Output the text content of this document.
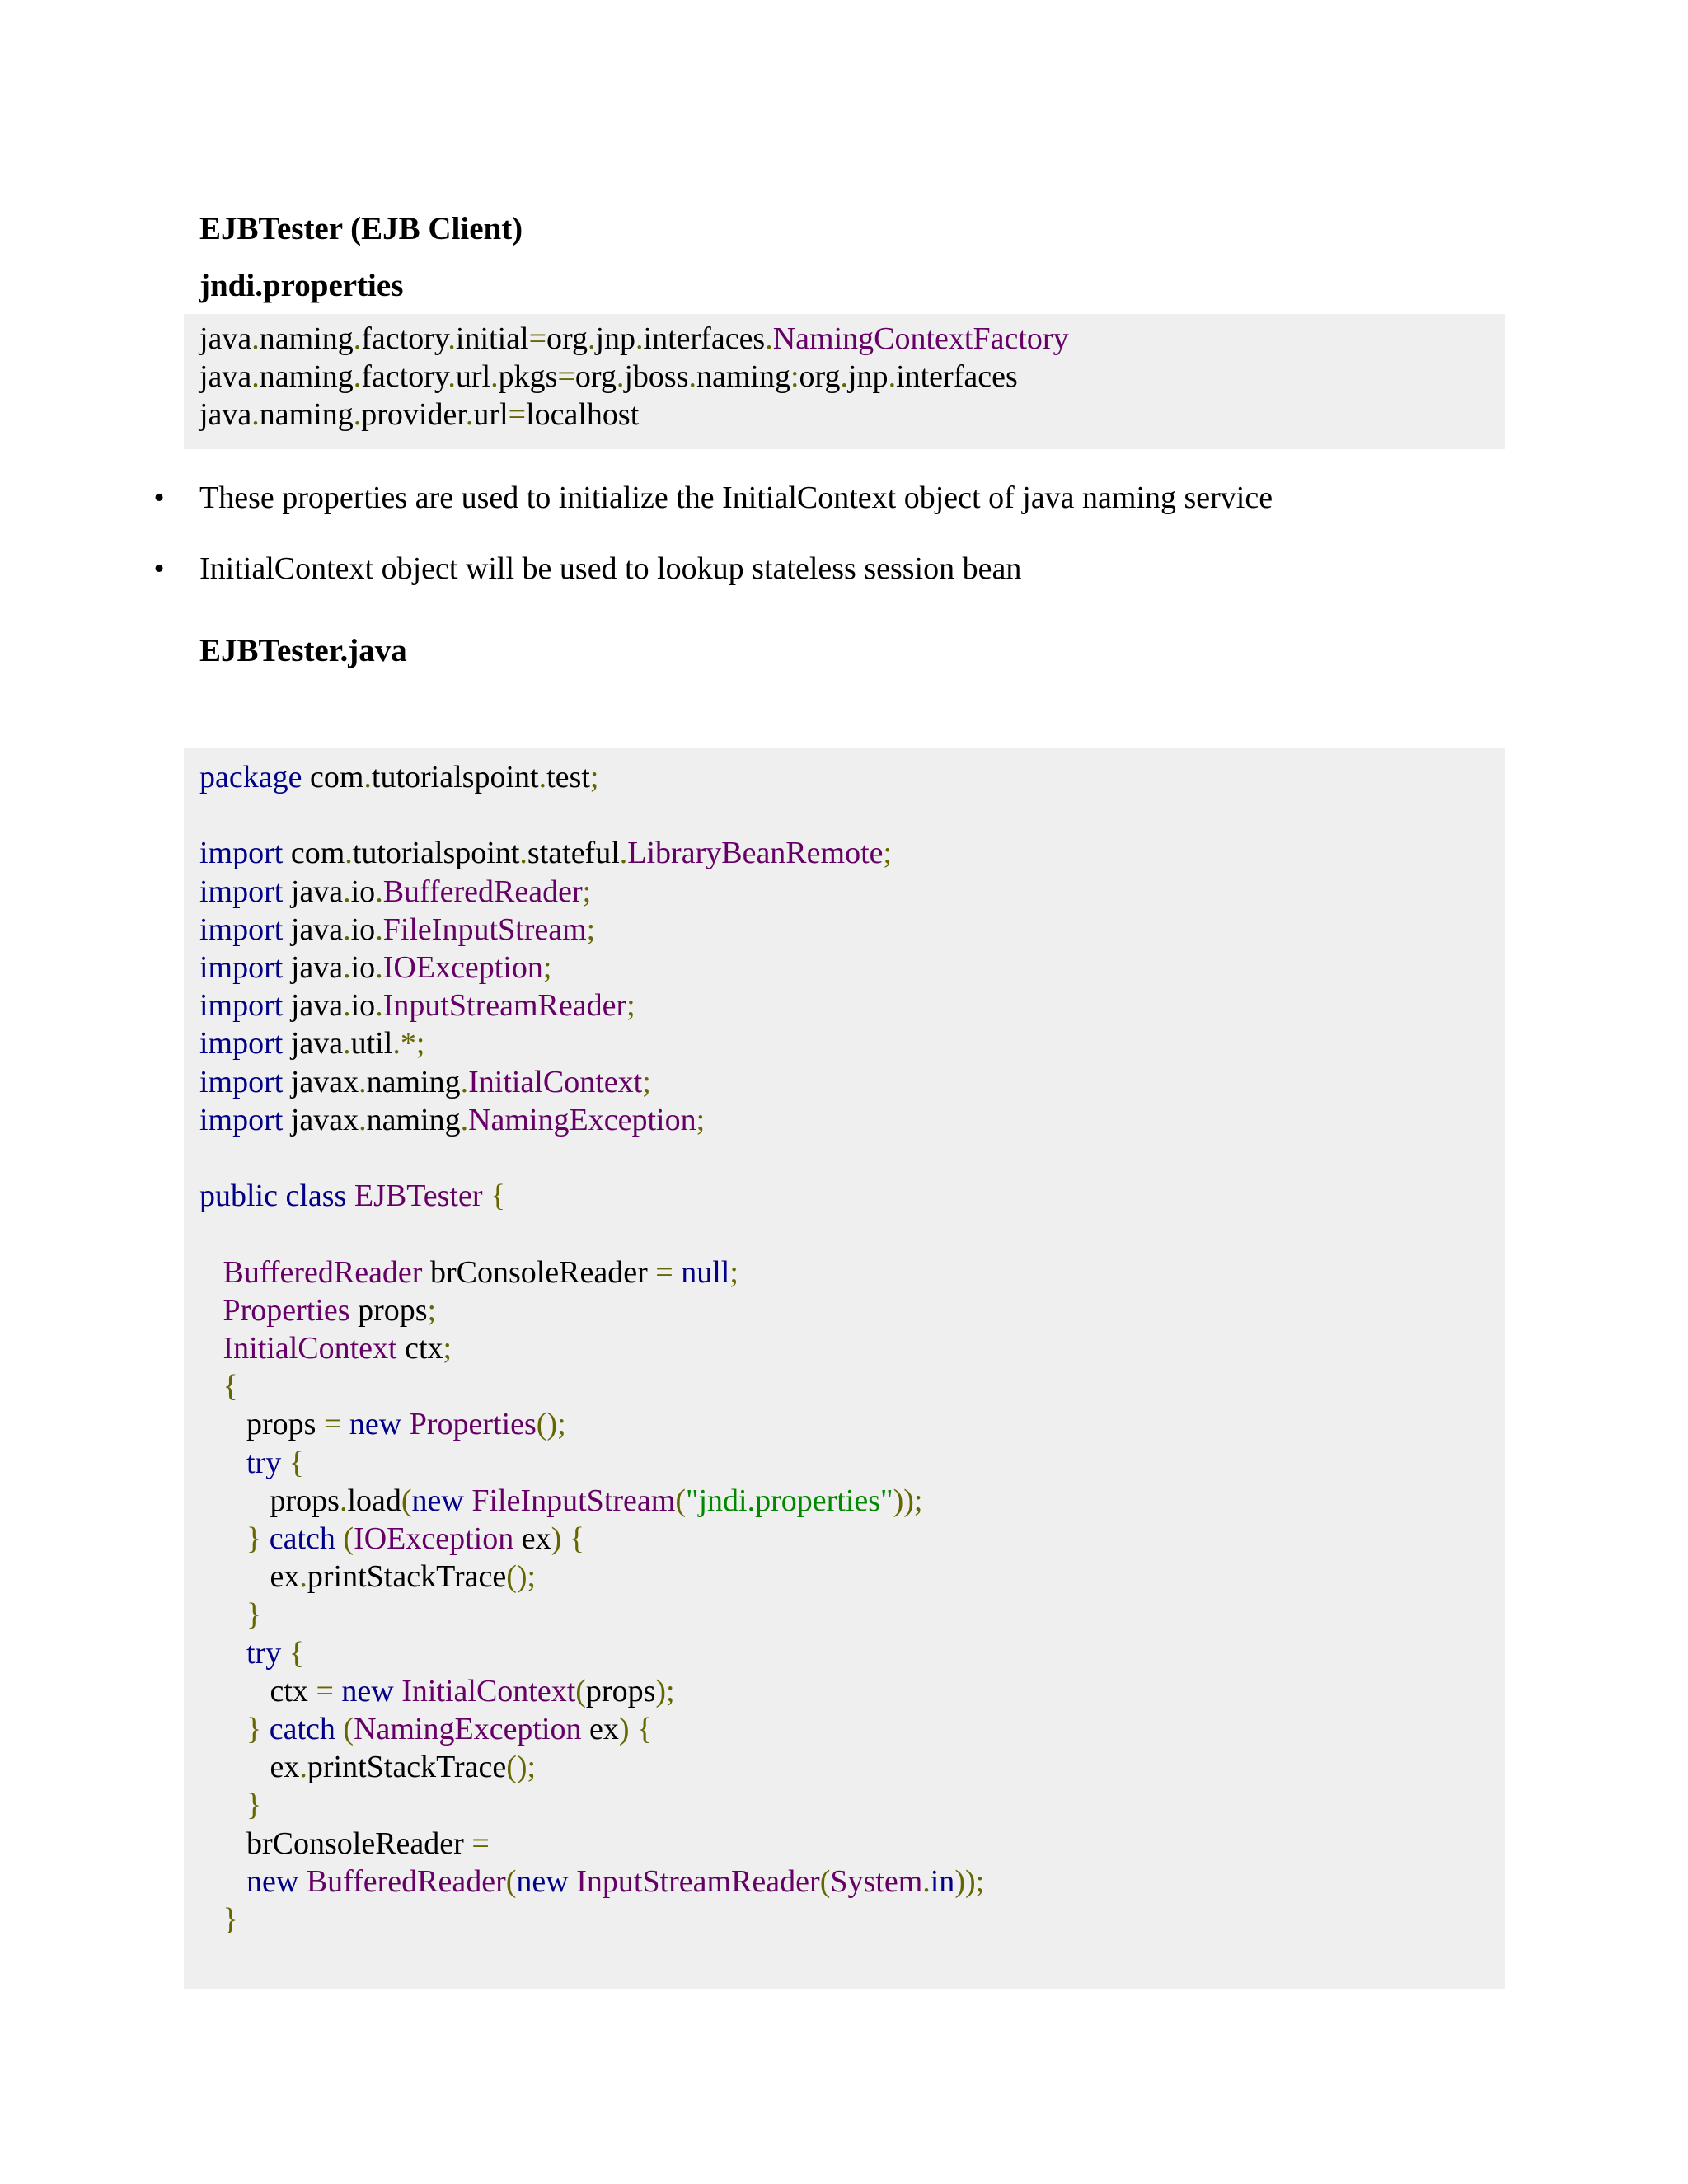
EJBTester (EJB Client)
jndi.properties
java.naming.factory.initial=org.jnp.interfaces.NamingContextFactory
java.naming.factory.url.pkgs=org.jboss.naming:org.jnp.interfaces
java.naming.provider.url=localhost
• These properties are used to initialize the InitialContext object of java naming service
• InitialContext object will be used to lookup stateless session bean
EJBTester.java
package com.tutorialspoint.test;
import com.tutorialspoint.stateful.LibraryBeanRemote;
import java.io.BufferedReader;
import java.io.FileInputStream;
import java.io.IOException;
import java.io.InputStreamReader;
import java.util.*;
import javax.naming.InitialContext;
import javax.naming.NamingException;
public class EJBTester {
BufferedReader brConsoleReader = null;
Properties props;
InitialContext ctx;
{
props = new Properties();
try {
props.load(new FileInputStream("jndi.properties"));
} catch (IOException ex) {
ex.printStackTrace();
}
try {
ctx = new InitialContext(props);
} catch (NamingException ex) {
ex.printStackTrace();
}
brConsoleReader =
new BufferedReader(new InputStreamReader(System.in));
}
